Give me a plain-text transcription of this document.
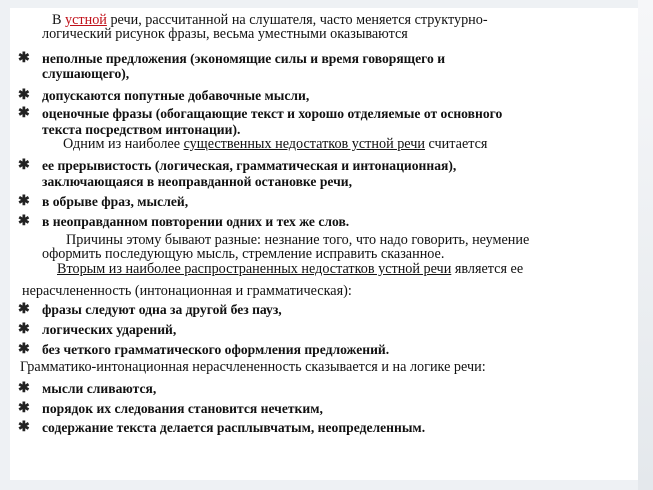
В устной речи, рассчитанной на слушателя, часто меняется структурно-
логический рисунок фразы, весьма уместными оказываются
✱ неполные предложения (экономящие силы и время говорящего и
слушающего),
✱ допускаются попутные добавочные мысли,
✱ оценочные фразы (обогащающие текст и хорошо отделяемые от основного
текста посредством интонации).
Одним из наиболее существенных недостатков устной речи считается
✱ ее прерывистость (логическая, грамматическая и интонационная),
заключающаяся в неоправданной остановке речи,
✱ в обрыве фраз, мыслей,
✱ в неоправданном повторении одних и тех же слов.
Причины этому бывают разные: незнание того, что надо говорить, неумение
оформить последующую мысль, стремление исправить сказанное.
Вторым из наиболее распространенных недостатков устной речи является ее
нерасчлененность (интонационная и грамматическая):
✱ фразы следуют одна за другой без пауз,
✱ логических ударений,
✱ без четкого грамматического оформления предложений.
Грамматико-интонационная нерасчлененность сказывается и на логике речи:
✱ мысли сливаются,
✱ порядок их следования становится нечетким,
✱ содержание текста делается расплывчатым, неопределенным.
